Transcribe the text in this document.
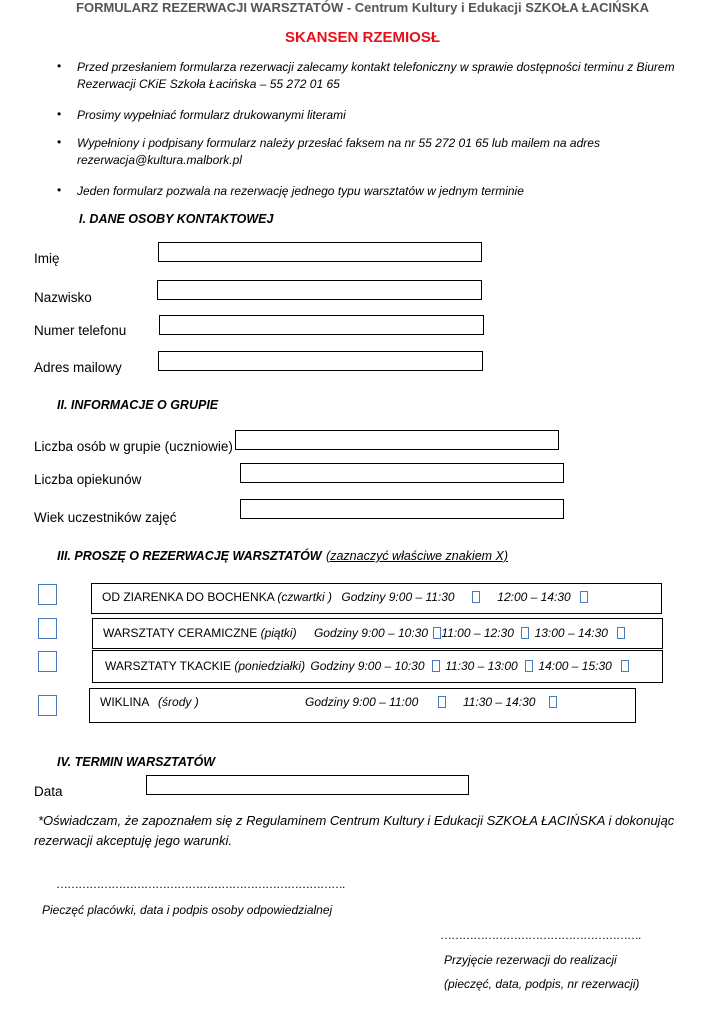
FORMULARZ REZERWACJI WARSZTATÓW - Centrum Kultury i Edukacji SZKOŁA ŁACIŃSKA
SKANSEN RZEMIOSŁ
• Przed przesłaniem formularza rezerwacji zalecamy kontakt telefoniczny w sprawie dostępności terminu z Biurem
Rezerwacji CKiE Szkoła Łacińska – 55 272 01 65
• Prosimy wypełniać formularz drukowanymi literami
• Wypełniony i podpisany formularz należy przesłać faksem na nr 55 272 01 65 lub mailem na adres
rezerwacja@kultura.malbork.pl
• Jeden formularz pozwala na rezerwację jednego typu warsztatów w jednym terminie
I. DANE OSOBY KONTAKTOWEJ
Imię
Nazwisko
Numer telefonu
Adres mailowy
II. INFORMACJE O GRUPIE
Liczba osób w grupie (uczniowie)
Liczba opiekunów
Wiek uczestników zajęć
III. PROSZĘ O REZERWACJĘ WARSZTATÓW (zaznaczyć właściwe znakiem X)
OD ZIARENKA DO BOCHENKA (czwartki ) Godziny 9:00 – 11:30	12:00 – 14:30
WARSZTATY CERAMICZNE (piątki) Godziny 9:00 – 10:30 11:00 – 12:30 13:00 – 14:30
WARSZTATY TKACKIE (poniedziałki) Godziny 9:00 – 10:30 11:30 – 13:00 14:00 – 15:30
WIKLINA (środy )	Godziny 9:00 – 11:00	11:30 – 14:30
IV. TERMIN WARSZTATÓW
Data
*Oświadczam, że zapoznałem się z Regulaminem Centrum Kultury i Edukacji SZKOŁA ŁACIŃSKA i dokonując
rezerwacji akceptuję jego warunki.
…………………………………………………………………….
Pieczęć placówki, data i podpis osoby odpowiedzialnej
……………………………………………….
Przyjęcie rezerwacji do realizacji
(pieczęć, data, podpis, nr rezerwacji)
